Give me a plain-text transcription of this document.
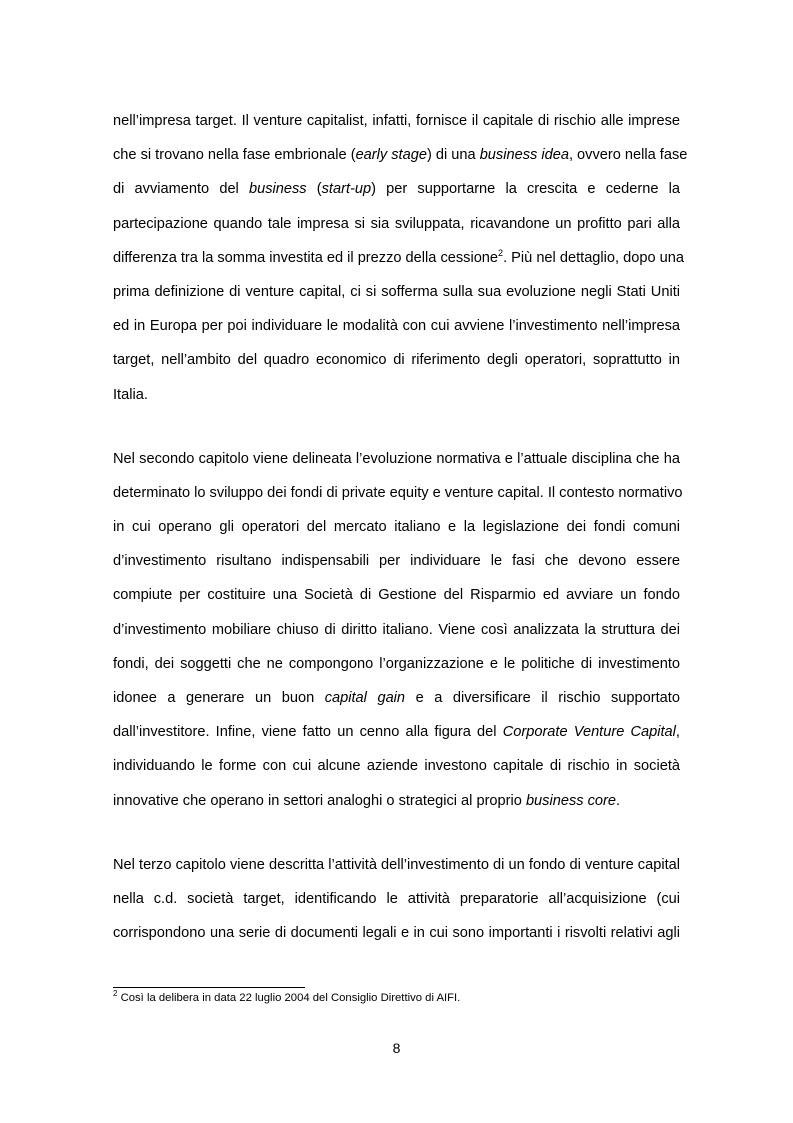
nell’impresa target. Il venture capitalist, infatti, fornisce il capitale di rischio alle imprese
che si trovano nella fase embrionale (early stage) di una business idea, ovvero nella fase
di avviamento del business (start-up) per supportarne la crescita e cederne la
partecipazione quando tale impresa si sia sviluppata, ricavandone un profitto pari alla
differenza tra la somma investita ed il prezzo della cessione$^2$. Più nel dettaglio, dopo una
prima definizione di venture capital, ci si sofferma sulla sua evoluzione negli Stati Uniti
ed in Europa per poi individuare le modalità con cui avviene l’investimento nell’impresa
target, nell’ambito del quadro economico di riferimento degli operatori, soprattutto in
Italia.
Nel secondo capitolo viene delineata l’evoluzione normativa e l’attuale disciplina che ha
determinato lo sviluppo dei fondi di private equity e venture capital. Il contesto normativo
in cui operano gli operatori del mercato italiano e la legislazione dei fondi comuni
d’investimento risultano indispensabili per individuare le fasi che devono essere
compiute per costituire una Società di Gestione del Risparmio ed avviare un fondo
d’investimento mobiliare chiuso di diritto italiano. Viene così analizzata la struttura dei
fondi, dei soggetti che ne compongono l’organizzazione e le politiche di investimento
idonee a generare un buon capital gain e a diversificare il rischio supportato
dall’investitore. Infine, viene fatto un cenno alla figura del Corporate Venture Capital,
individuando le forme con cui alcune aziende investono capitale di rischio in società
innovative che operano in settori analoghi o strategici al proprio business core.
Nel terzo capitolo viene descritta l’attività dell’investimento di un fondo di venture capital
nella c.d. società target, identificando le attività preparatorie all’acquisizione (cui
corrispondono una serie di documenti legali e in cui sono importanti i risvolti relativi agli
$^2$ Così la delibera in data 22 luglio 2004 del Consiglio Direttivo di AIFI.
8
